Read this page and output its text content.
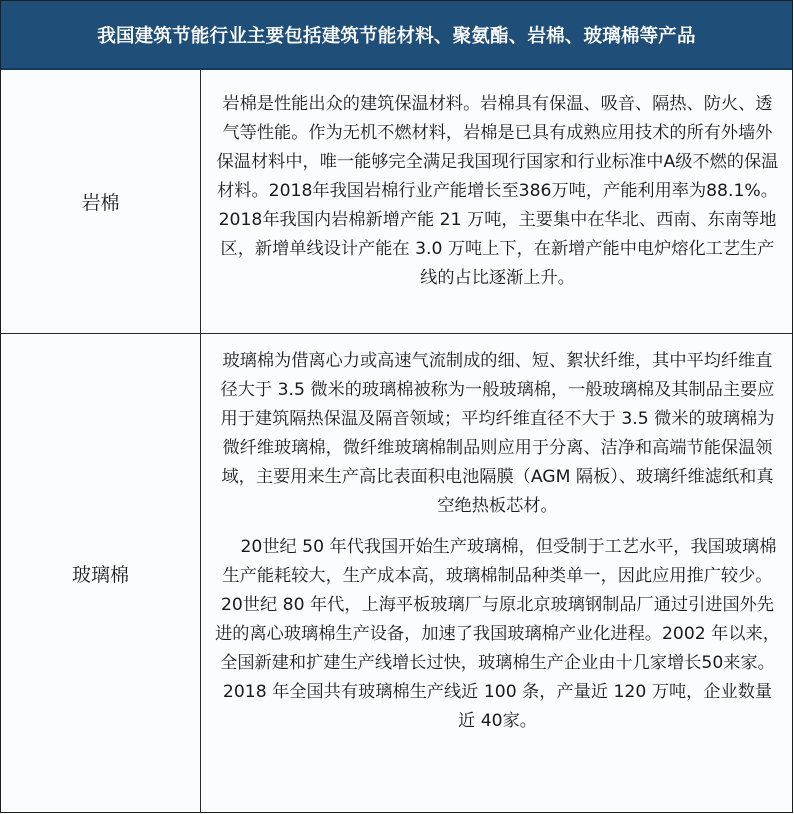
我国建筑节能行业主要包括建筑节能材料、聚氨酯、岩棉、玻璃棉等产品
岩棉

岩棉是性能出众的建筑保温材料。岩棉具有保温、吸音、隔热、防火、透气等性能。作为无机不燃材料，岩棉是已具有成熟应用技术的所有外墙外保温材料中，唯一能够完全满足我国现行国家和行业标准中A级不燃的保温材料。2018年我国岩棉行业产能增长至386万吨，产能利用率为88.1%。2018年我国内岩棉新增产能 21 万吨，主要集中在华北、西南、东南等地区，新增单线设计产能在 3.0 万吨上下，在新增产能中电炉熔化工艺生产线的占比逐渐上升。

玻璃棉

玻璃棉为借离心力或高速气流制成的细、短、絮状纤维，其中平均纤维直径大于 3.5 微米的玻璃棉被称为一般玻璃棉，一般玻璃棉及其制品主要应用于建筑隔热保温及隔音领域；平均纤维直径不大于 3.5 微米的玻璃棉为微纤维玻璃棉，微纤维玻璃棉制品则应用于分离、洁净和高端节能保温领域，主要用来生产高比表面积电池隔膜（AGM 隔板）、玻璃纤维滤纸和真空绝热板芯材。

20世纪 50 年代我国开始生产玻璃棉，但受制于工艺水平，我国玻璃棉生产能耗较大，生产成本高，玻璃棉制品种类单一，因此应用推广较少。20世纪 80 年代，上海平板玻璃厂与原北京玻璃钢制品厂通过引进国外先进的离心玻璃棉生产设备，加速了我国玻璃棉产业化进程。2002 年以来，全国新建和扩建生产线增长过快，玻璃棉生产企业由十几家增长50来家。2018 年全国共有玻璃棉生产线近 100 条，产量近 120 万吨，企业数量近 40家。
